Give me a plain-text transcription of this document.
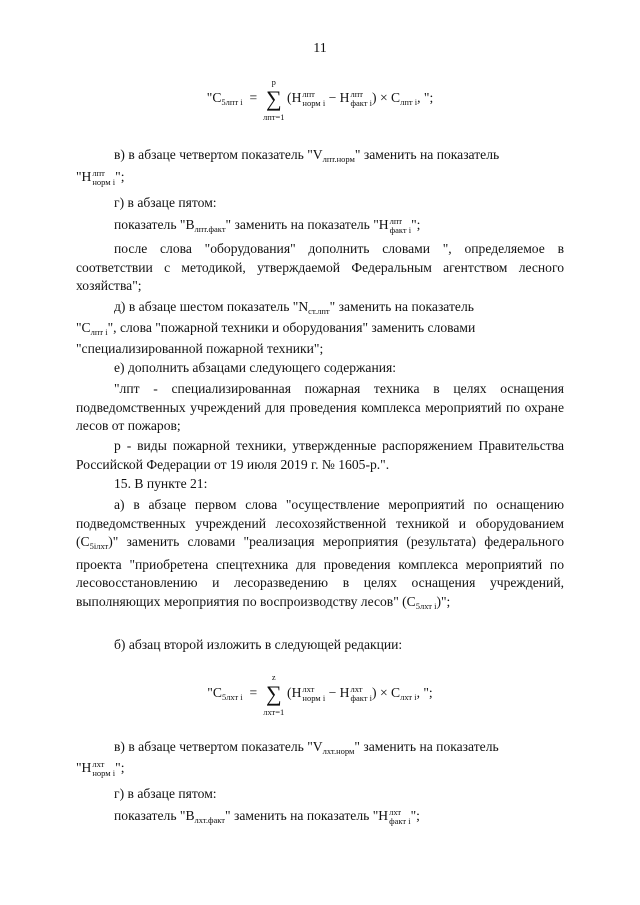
11
"$C_{5лпт i}$ =
p
∑
лпт=1
(H лпт
норм i − H лпт
факт i ) × $C_{лпт i}$, ";
в) в абзаце четвертом показатель "$V_{лпт.норм}$" заменить на показатель
"H лпт
норм i ";
г) в абзаце пятом:
показатель "$B_{лпт.факт}$" заменить на показатель "H лпт
факт i ";
после слова "оборудования" дополнить словами ", определяемое в соответствии с методикой, утверждаемой Федеральным агентством лесного хозяйства";
д) в абзаце шестом показатель "$N_{ст.лпт}$" заменить на показатель
"$C_{лпт i}$", слова "пожарной техники и оборудования" заменить словами
"специализированной пожарной техники";
е) дополнить абзацами следующего содержания:
"лпт - специализированная пожарная техника в целях оснащения подведомственных учреждений для проведения комплекса мероприятий по охране лесов от пожаров;
p - виды пожарной техники, утвержденные распоряжением Правительства Российской Федерации от 19 июля 2019 г. № 1605-р.".
15. В пункте 21:
а) в абзаце первом слова "осуществление мероприятий по оснащению подведомственных учреждений лесохозяйственной техникой и оборудованием $(C_{5iлхт})$" заменить словами "реализация мероприятия (результата) федерального проекта "приобретена спецтехника для проведения комплекса мероприятий по лесовосстановлению и лесоразведению в целях оснащения учреждений, выполняющих мероприятия по воспроизводству лесов" $(C_{5лхт i})$";
б) абзац второй изложить в следующей редакции:
"$C_{5лхт i}$ =
z
∑
лхт=1
(H лхт
норм i − H лхт
факт i ) × $C_{лхт i}$, ";
в) в абзаце четвертом показатель "$V_{лхт.норм}$" заменить на показатель
"H лхт
норм i ";
г) в абзаце пятом:
показатель "$B_{лхт.факт}$" заменить на показатель "H лхт
факт i ";
